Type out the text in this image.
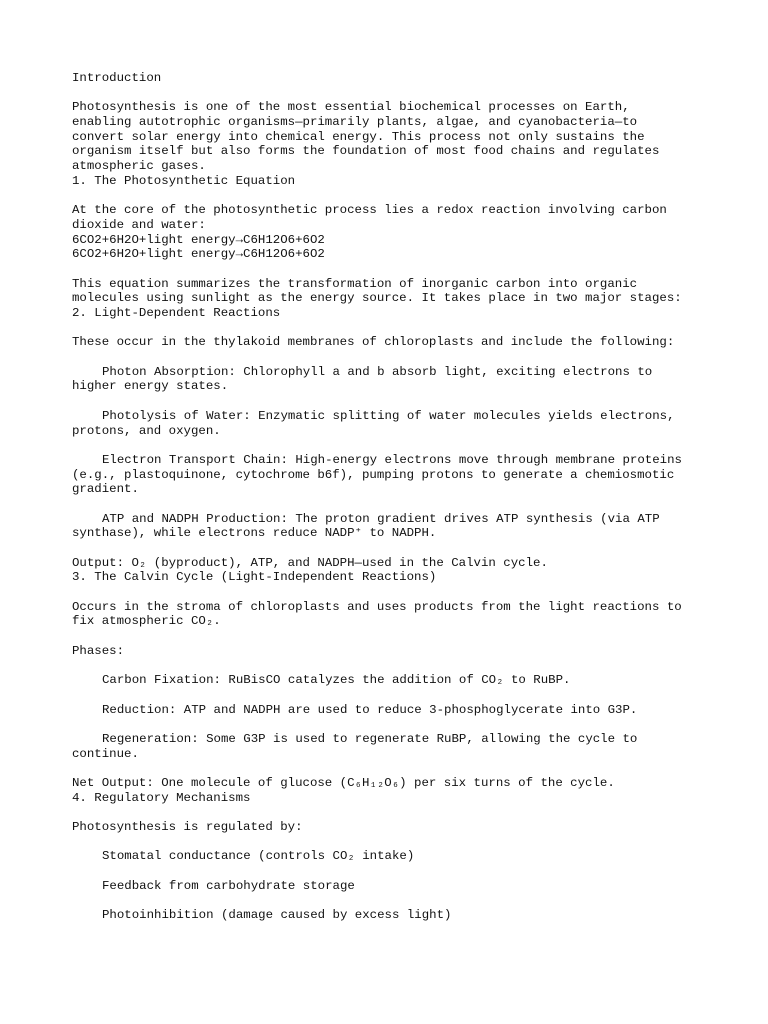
Introduction
Photosynthesis is one of the most essential biochemical processes on Earth,
enabling autotrophic organisms—primarily plants, algae, and cyanobacteria—to
convert solar energy into chemical energy. This process not only sustains the
organism itself but also forms the foundation of most food chains and regulates
atmospheric gases.
1. The Photosynthetic Equation
At the core of the photosynthetic process lies a redox reaction involving carbon
dioxide and water:
6CO2+6H2O+light energy→C6H12O6+6O2
6CO2+6H2O+light energy→C6H12O6+6O2
This equation summarizes the transformation of inorganic carbon into organic
molecules using sunlight as the energy source. It takes place in two major stages:
2. Light-Dependent Reactions
These occur in the thylakoid membranes of chloroplasts and include the following:
Photon Absorption: Chlorophyll a and b absorb light, exciting electrons to
higher energy states.
Photolysis of Water: Enzymatic splitting of water molecules yields electrons,
protons, and oxygen.
Electron Transport Chain: High-energy electrons move through membrane proteins
(e.g., plastoquinone, cytochrome b6f), pumping protons to generate a chemiosmotic
gradient.
ATP and NADPH Production: The proton gradient drives ATP synthesis (via ATP
synthase), while electrons reduce NADP⁺ to NADPH.
Output: O₂ (byproduct), ATP, and NADPH—used in the Calvin cycle.
3. The Calvin Cycle (Light-Independent Reactions)
Occurs in the stroma of chloroplasts and uses products from the light reactions to
fix atmospheric CO₂.
Phases:
Carbon Fixation: RuBisCO catalyzes the addition of CO₂ to RuBP.
Reduction: ATP and NADPH are used to reduce 3-phosphoglycerate into G3P.
Regeneration: Some G3P is used to regenerate RuBP, allowing the cycle to
continue.
Net Output: One molecule of glucose (C₆H₁₂O₆) per six turns of the cycle.
4. Regulatory Mechanisms
Photosynthesis is regulated by:
Stomatal conductance (controls CO₂ intake)
Feedback from carbohydrate storage
Photoinhibition (damage caused by excess light)
